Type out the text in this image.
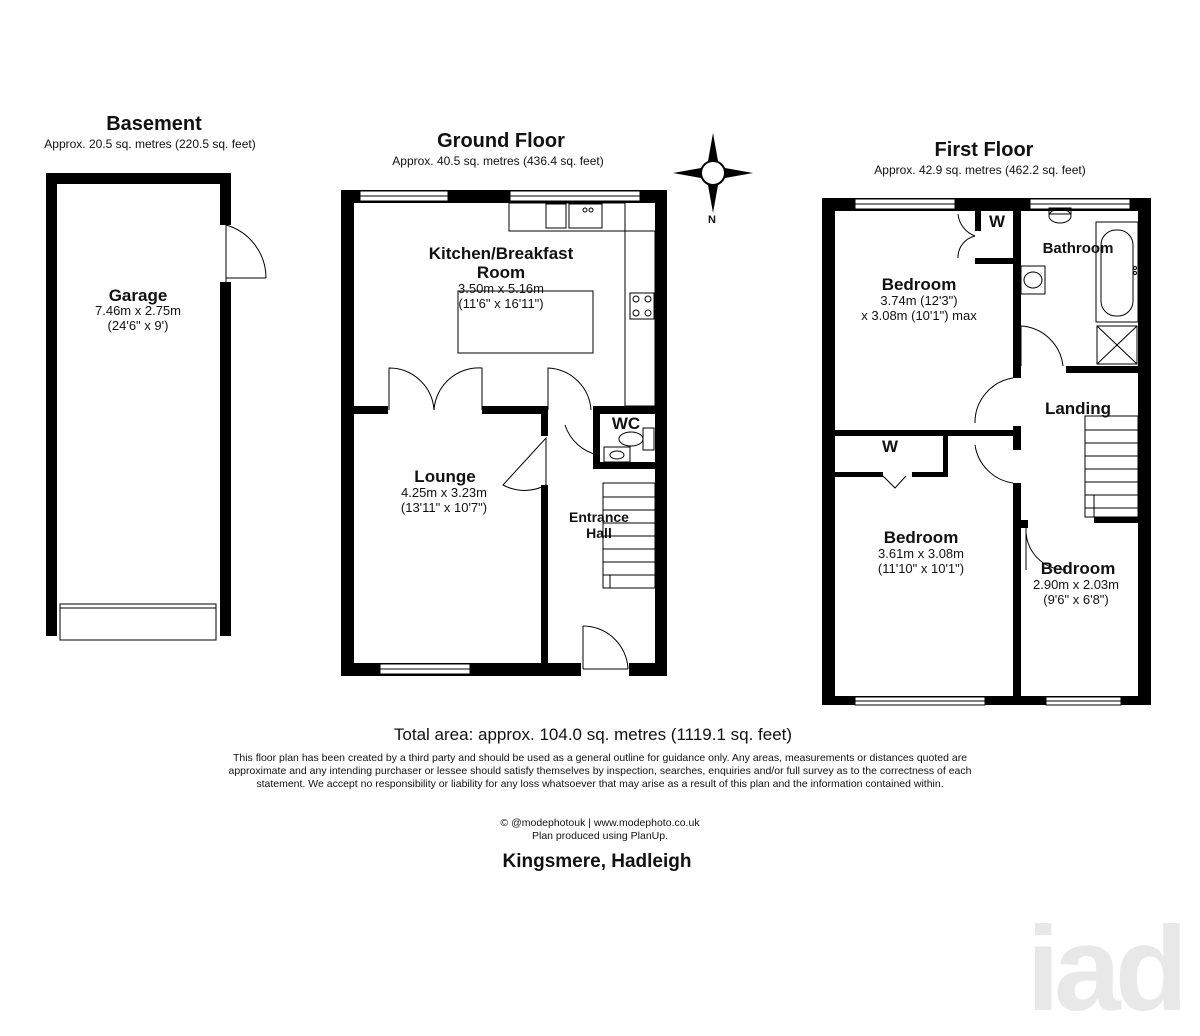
Basement
Approx. 20.5 sq. metres (220.5 sq. feet)	Ground Floor
Approx. 40.5 sq. metres (436.4 sq. feet)	First Floor
Approx. 42.9 sq. metres (462.2 sq. feet)
N
Garage
7.46m x 2.75m
(24'6" x 9')
Kitchen/Breakfast
Room
3.50m x 5.16m
(11'6" x 16'11")
Lounge
4.25m x 3.23m
(13'11" x 10'7")
WC
Entrance
Hall
Bedroom
3.74m (12'3")
x 3.08m (10'1") max
W
Bathroom
Landing
W
Bedroom
3.61m x 3.08m
(11'10" x 10'1")	Bedroom
2.90m x 2.03m
(9'6" x 6'8")
Total area: approx. 104.0 sq. metres (1119.1 sq. feet)
This floor plan has been created by a third party and should be used as a general outline for guidance only. Any areas, measurements or distances quoted are approximate and any intending purchaser or lessee should satisfy themselves by inspection, searches, enquiries and/or full survey as to the correctness of each statement. We accept no responsibility or liability for any loss whatsoever that may arise as a result of this plan and the information contained within.
© @modephotouk | www.modephoto.co.uk
Plan produced using PlanUp.
Kingsmere, Hadleigh
iad
